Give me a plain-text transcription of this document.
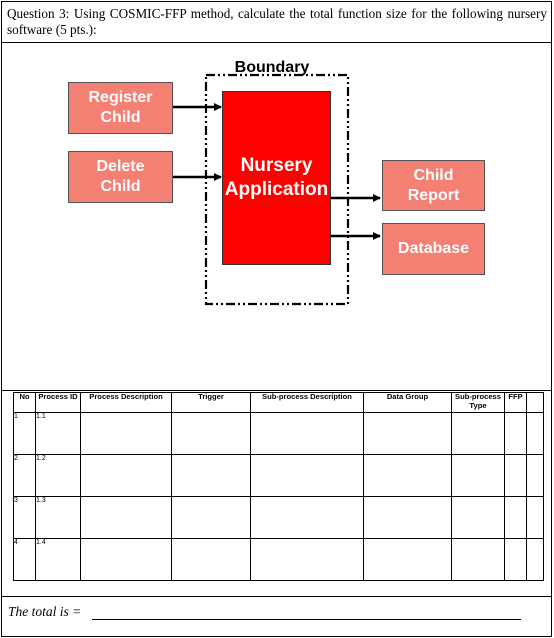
Question 3: Using COSMIC-FFP method, calculate the total function size for the following nursery software (5 pts.):
Boundary
Register
Child
Delete
Child
Nursery
Application
Child
Report
Database
No	Process ID	Process Description	Trigger	Sub-process Description	Data Group	Sub-process Type	FFP	
1	1.1							
2	1.2							
3	1.3							
4	1.4							
The total is =
